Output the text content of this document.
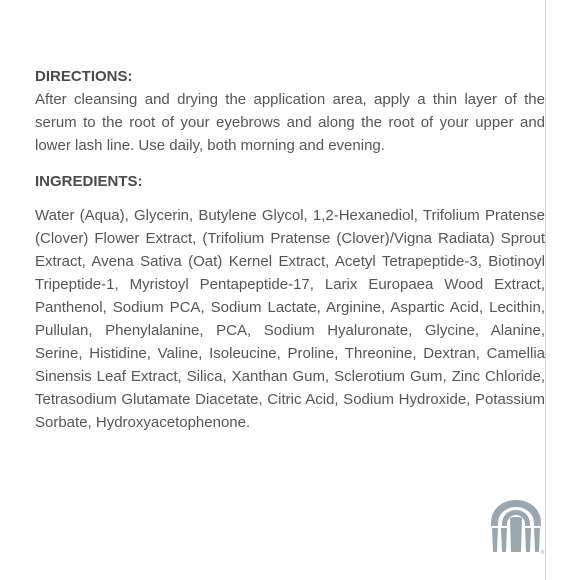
DIRECTIONS:

After cleansing and drying the application area, apply a thin layer of the serum to the root of your eyebrows and along the root of your upper and lower lash line. Use daily, both morning and evening.

INGREDIENTS:

Water (Aqua), Glycerin, Butylene Glycol, 1,2-Hexanediol, Trifolium Pratense (Clover) Flower Extract, (Trifolium Pratense (Clover)/Vigna Radiata) Sprout Extract, Avena Sativa (Oat) Kernel Extract, Acetyl Tetrapeptide-3, Biotinoyl Tripeptide-1, Myristoyl Pentapeptide-17, Larix Europaea Wood Extract, Panthenol, Sodium PCA, Sodium Lactate, Arginine, Aspartic Acid, Lecithin, Pullulan, Phenylalanine, PCA, Sodium Hyaluronate, Glycine, Alanine, Serine, Histidine, Valine, Isoleucine, Proline, Threonine, Dextran, Camellia Sinensis Leaf Extract, Silica, Xanthan Gum, Sclerotium Gum, Zinc Chloride, Tetrasodium Glutamate Diacetate, Citric Acid, Sodium Hydroxide, Potassium Sorbate, Hydroxyacetophenone.

®
